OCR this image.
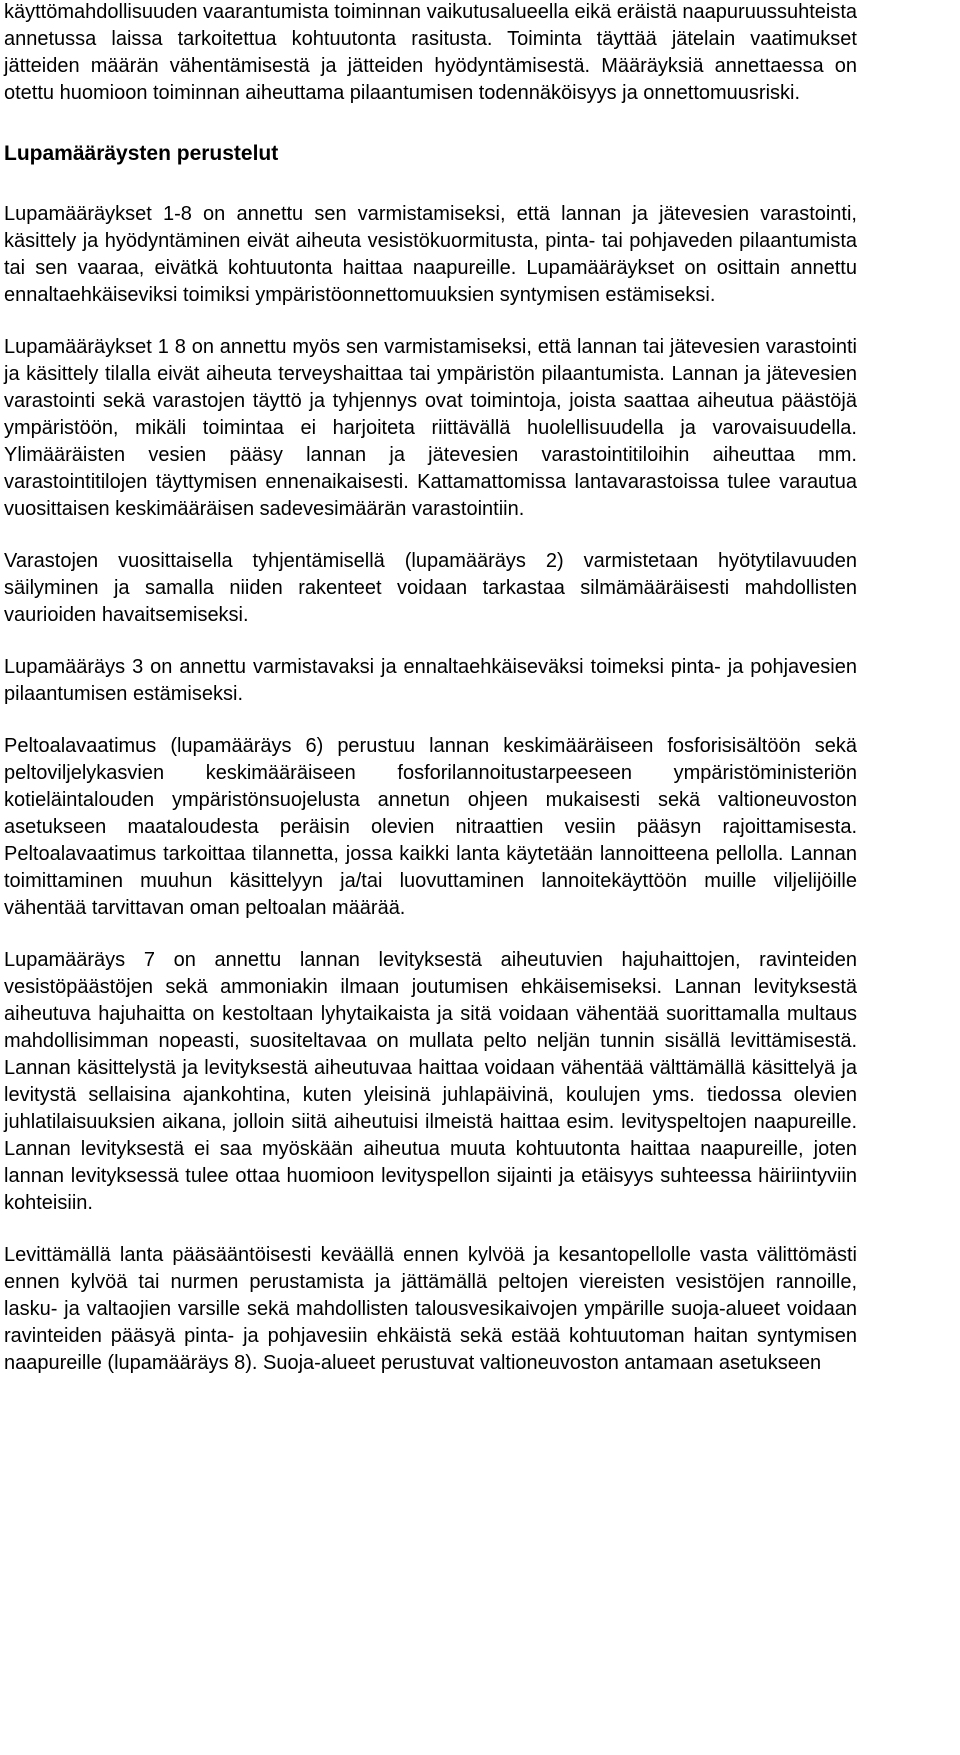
käyttömahdollisuuden vaarantumista toiminnan vaikutusalueella eikä eräistä naapuruussuhteista annetussa laissa tarkoitettua kohtuutonta rasitusta. Toiminta täyttää jätelain vaatimukset jätteiden määrän vähentämisestä ja jätteiden hyödyntämisestä. Määräyksiä annettaessa on otettu huomioon toiminnan aiheuttama pilaantumisen todennäköisyys ja onnettomuusriski.

Lupamääräysten perustelut

Lupamääräykset 1-8 on annettu sen varmistamiseksi, että lannan ja jätevesien varastointi, käsittely ja hyödyntäminen eivät aiheuta vesistökuormitusta, pinta- tai pohjaveden pilaantumista tai sen vaaraa, eivätkä kohtuutonta haittaa naapureille. Lupamääräykset on osittain annettu ennaltaehkäiseviksi toimiksi ympäristöonnettomuuksien syntymisen estämiseksi.

Lupamääräykset 1 8 on annettu myös sen varmistamiseksi, että lannan tai jätevesien varastointi ja käsittely tilalla eivät aiheuta terveyshaittaa tai ympäristön pilaantumista. Lannan ja jätevesien varastointi sekä varastojen täyttö ja tyhjennys ovat toimintoja, joista saattaa aiheutua päästöjä ympäristöön, mikäli toimintaa ei harjoiteta riittävällä huolellisuudella ja varovaisuudella. Ylimääräisten vesien pääsy lannan ja jätevesien varastointitiloihin aiheuttaa mm. varastointitilojen täyttymisen ennenaikaisesti. Kattamattomissa lantavarastoissa tulee varautua vuosittaisen keskimääräisen sadevesimäärän varastointiin.

Varastojen vuosittaisella tyhjentämisellä (lupamääräys 2) varmistetaan hyötytilavuuden säilyminen ja samalla niiden rakenteet voidaan tarkastaa silmämääräisesti mahdollisten vaurioiden havaitsemiseksi.

Lupamääräys 3 on annettu varmistavaksi ja ennaltaehkäiseväksi toimeksi pinta- ja pohjavesien pilaantumisen estämiseksi.

Peltoalavaatimus (lupamääräys 6) perustuu lannan keskimääräiseen fosforisisältöön sekä peltoviljelykasvien keskimääräiseen fosforilannoitustarpeeseen ympäristöministeriön kotieläintalouden ympäristönsuojelusta annetun ohjeen mukaisesti sekä valtioneuvoston asetukseen maataloudesta peräisin olevien nitraattien vesiin pääsyn rajoittamisesta. Peltoalavaatimus tarkoittaa tilannetta, jossa kaikki lanta käytetään lannoitteena pellolla. Lannan toimittaminen muuhun käsittelyyn ja/tai luovuttaminen lannoitekäyttöön muille viljelijöille vähentää tarvittavan oman peltoalan määrää.

Lupamääräys 7 on annettu lannan levityksestä aiheutuvien hajuhaittojen, ravinteiden vesistöpäästöjen sekä ammoniakin ilmaan joutumisen ehkäisemiseksi. Lannan levityksestä aiheutuva hajuhaitta on kestoltaan lyhytaikaista ja sitä voidaan vähentää suorittamalla multaus mahdollisimman nopeasti, suositeltavaa on mullata pelto neljän tunnin sisällä levittämisestä. Lannan käsittelystä ja levityksestä aiheutuvaa haittaa voidaan vähentää välttämällä käsittelyä ja levitystä sellaisina ajankohtina, kuten yleisinä juhlapäivinä, koulujen yms. tiedossa olevien juhlatilaisuuksien aikana, jolloin siitä aiheutuisi ilmeistä haittaa esim. levityspeltojen naapureille. Lannan levityksestä ei saa myöskään aiheutua muuta kohtuutonta haittaa naapureille, joten lannan levityksessä tulee ottaa huomioon levityspellon sijainti ja etäisyys suhteessa häiriintyviin kohteisiin.

Levittämällä lanta pääsääntöisesti keväällä ennen kylvöä ja kesantopellolle vasta välittömästi ennen kylvöä tai nurmen perustamista ja jättämällä peltojen viereisten vesistöjen rannoille, lasku- ja valtaojien varsille sekä mahdollisten talousvesikaivojen ympärille suoja-alueet voidaan ravinteiden pääsyä pinta- ja pohjavesiin ehkäistä sekä estää kohtuutoman haitan syntymisen naapureille (lupamääräys 8). Suoja-alueet perustuvat valtioneuvoston antamaan asetukseen
